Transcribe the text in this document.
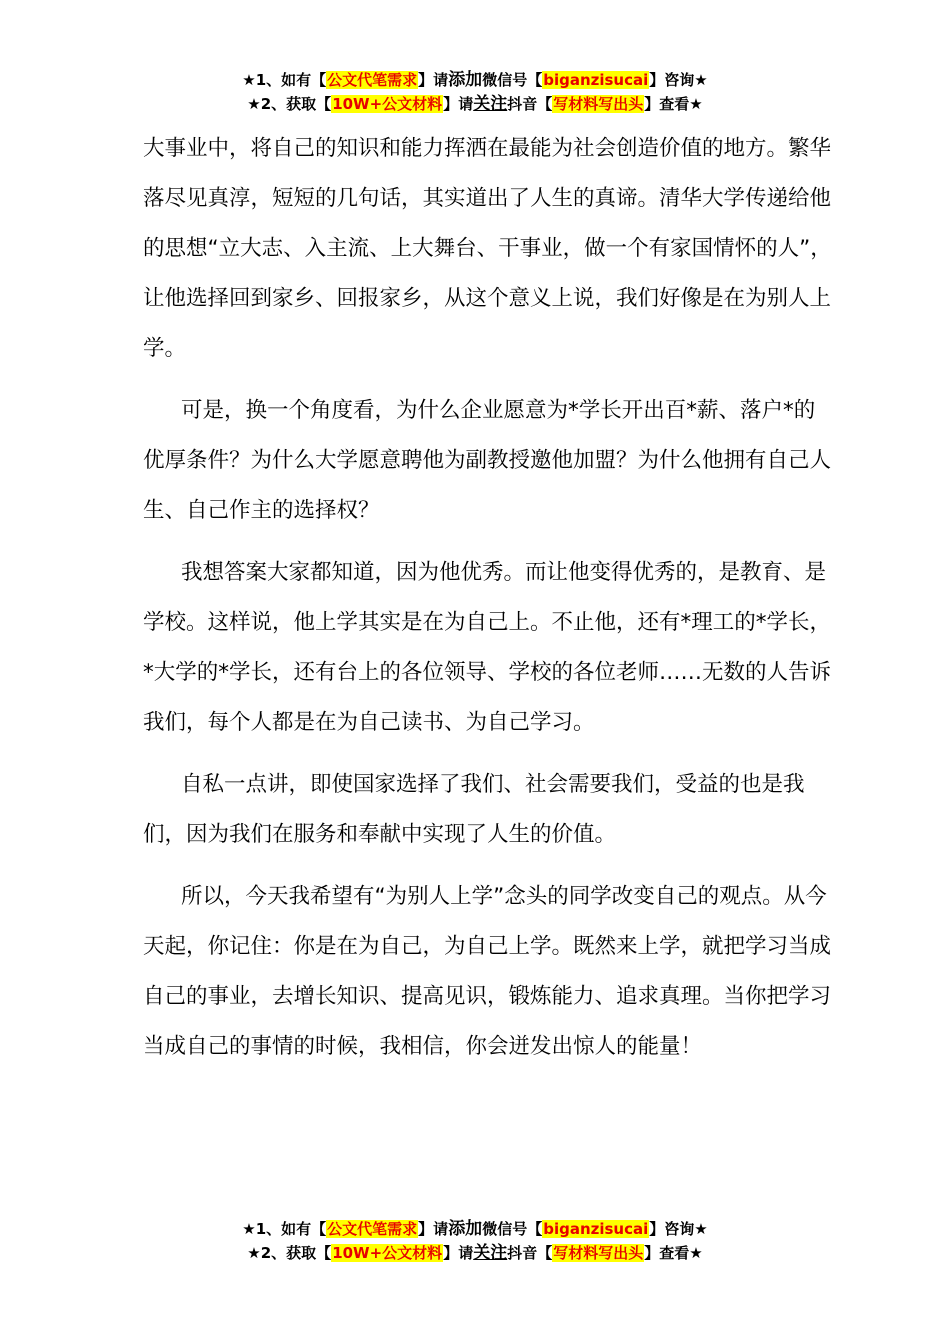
★1、如有【公文代笔需求】请添加微信号【biganzisucai】咨询★
★2、获取【10W+公文材料】请关注抖音【写材料写出头】查看★

大事业中，将自己的知识和能力挥洒在最能为社会创造价值的地方。繁华落尽见真淳，短短的几句话，其实道出了人生的真谛。清华大学传递给他的思想“立大志、入主流、上大舞台、干事业，做一个有家国情怀的人”，让他选择回到家乡、回报家乡，从这个意义上说，我们好像是在为别人上学。

可是，换一个角度看，为什么企业愿意为*学长开出百*薪、落户*的优厚条件？为什么大学愿意聘他为副教授邀他加盟？为什么他拥有自己人生、自己作主的选择权？

我想答案大家都知道，因为他优秀。而让他变得优秀的，是教育、是学校。这样说，他上学其实是在为自己上。不止他，还有*理工的*学长，*大学的*学长，还有台上的各位领导、学校的各位老师……无数的人告诉我们，每个人都是在为自己读书、为自己学习。

自私一点讲，即使国家选择了我们、社会需要我们，受益的也是我们，因为我们在服务和奉献中实现了人生的价值。

所以，今天我希望有“为别人上学”念头的同学改变自己的观点。从今天起，你记住：你是在为自己，为自己上学。既然来上学，就把学习当成自己的事业，去增长知识、提高见识，锻炼能力、追求真理。当你把学习当成自己的事情的时候，我相信，你会迸发出惊人的能量！

★1、如有【公文代笔需求】请添加微信号【biganzisucai】咨询★
★2、获取【10W+公文材料】请关注抖音【写材料写出头】查看★
